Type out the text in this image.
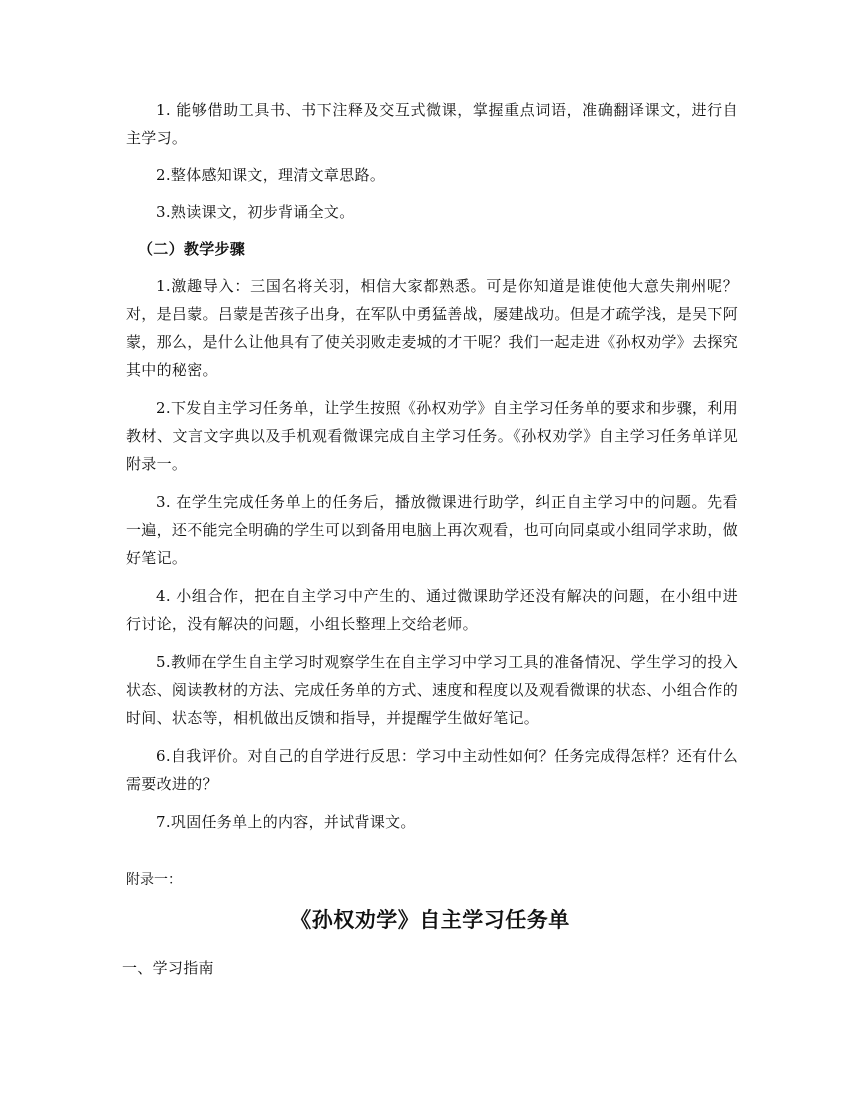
1. 能够借助工具书、书下注释及交互式微课，掌握重点词语，准确翻译课文，进行自主学习。

2.整体感知课文，理清文章思路。

3.熟读课文，初步背诵全文。

（二）教学步骤

1.激趣导入：三国名将关羽，相信大家都熟悉。可是你知道是谁使他大意失荆州呢？对，是吕蒙。吕蒙是苦孩子出身，在军队中勇猛善战，屡建战功。但是才疏学浅，是吴下阿蒙，那么，是什么让他具有了使关羽败走麦城的才干呢？我们一起走进《孙权劝学》去探究其中的秘密。

2.下发自主学习任务单，让学生按照《孙权劝学》自主学习任务单的要求和步骤，利用教材、文言文字典以及手机观看微课完成自主学习任务。《孙权劝学》自主学习任务单详见附录一。

3. 在学生完成任务单上的任务后，播放微课进行助学，纠正自主学习中的问题。先看一遍，还不能完全明确的学生可以到备用电脑上再次观看，也可向同桌或小组同学求助，做好笔记。

4. 小组合作，把在自主学习中产生的、通过微课助学还没有解决的问题，在小组中进行讨论，没有解决的问题，小组长整理上交给老师。

5.教师在学生自主学习时观察学生在自主学习中学习工具的准备情况、学生学习的投入状态、阅读教材的方法、完成任务单的方式、速度和程度以及观看微课的状态、小组合作的时间、状态等，相机做出反馈和指导，并提醒学生做好笔记。

6.自我评价。对自己的自学进行反思：学习中主动性如何？任务完成得怎样？还有什么需要改进的？

7.巩固任务单上的内容，并试背课文。

附录一：
《孙权劝学》自主学习任务单
一、学习指南
